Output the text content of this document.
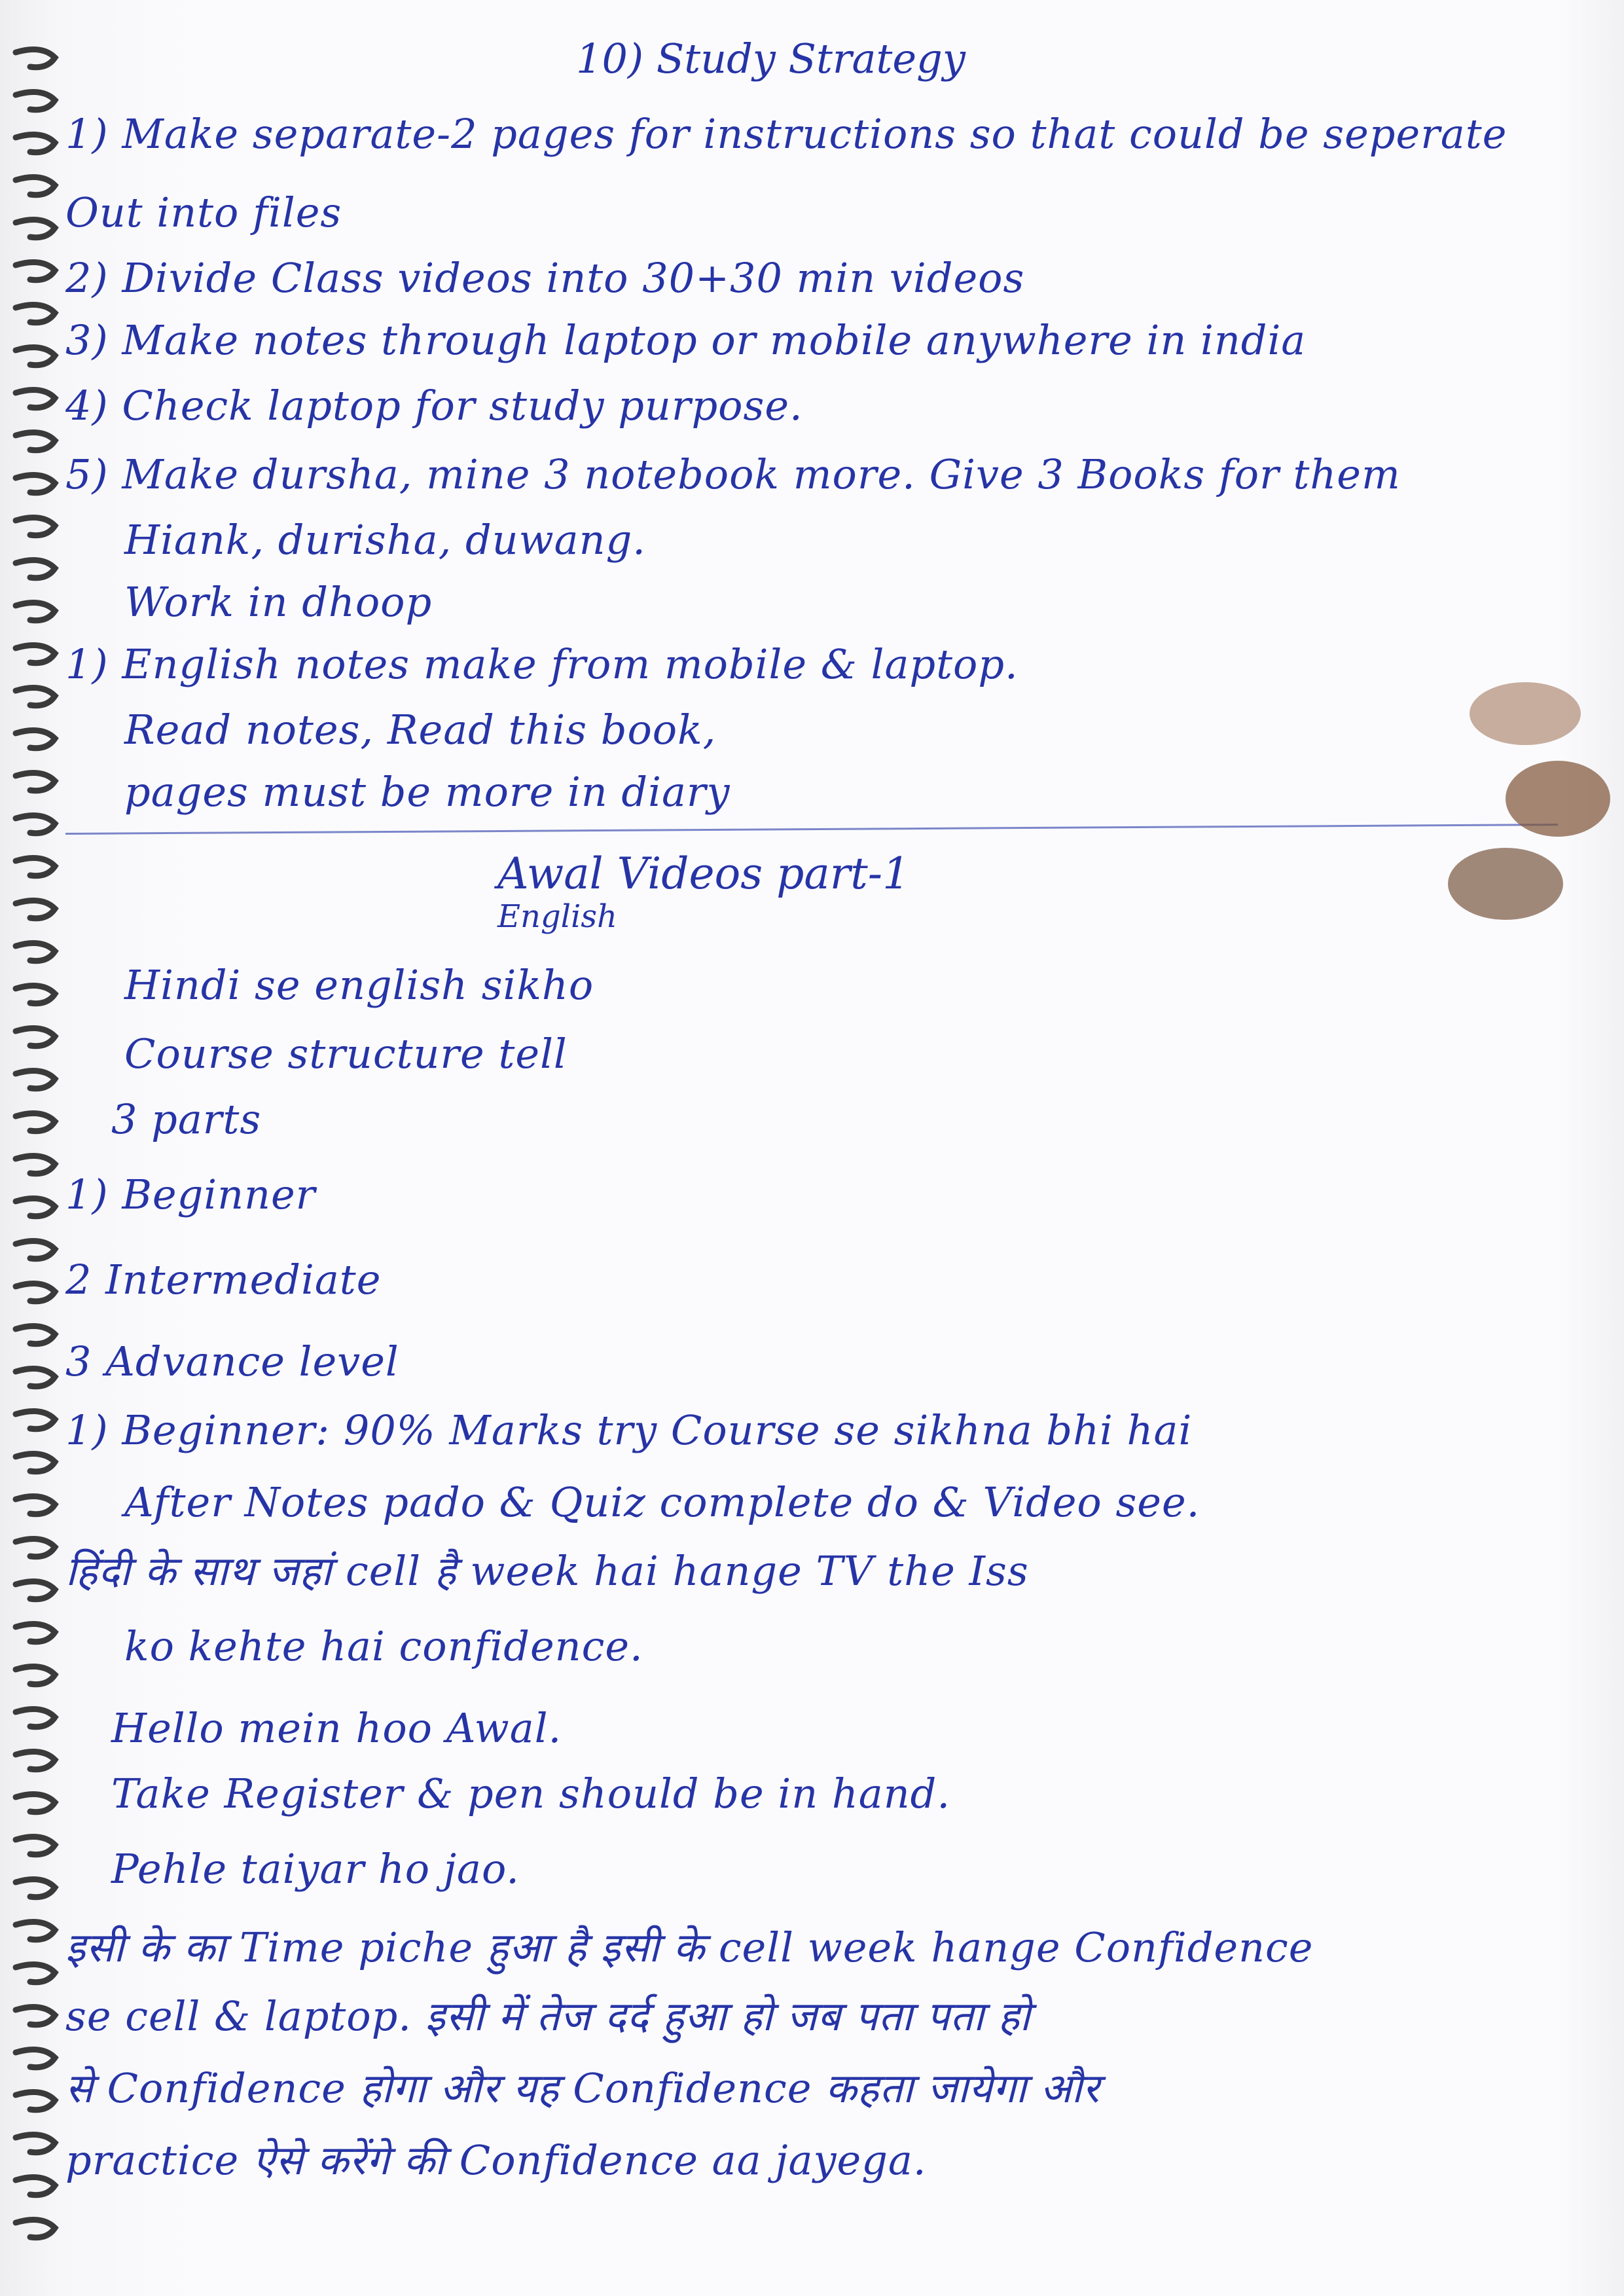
10) Study Strategy
1) Make separate-2 pages for instructions so that could be seperate
Out into files
2) Divide Class videos into 30+30 min videos
3) Make notes through laptop or mobile anywhere in india
4) Check laptop for study purpose.
5) Make dursha, mine 3 notebook more. Give 3 Books for them
Hiank, durisha, duwang.
Work in dhoop
1) English notes make from mobile & laptop.
Read notes, Read this book,
pages must be more in diary
Awal Videos part-1
English
Hindi se english sikho
Course structure tell
3 parts
1) Beginner
2 Intermediate
3 Advance level
1) Beginner: 90% Marks try Course se sikhna bhi hai
After Notes pado & Quiz complete do & Video see.
हिंदी के साथ जहां cell है week hai hange TV the Iss
ko kehte hai confidence.
Hello mein hoo Awal.
Take Register & pen should be in hand.
Pehle taiyar ho jao.
इसी के का Time piche हुआ है इसी के cell week hange Confidence
se cell & laptop. इसी में तेज दर्द हुआ हो जब पता पता हो
से Confidence होगा और यह Confidence कहता जायेगा और
practice ऐसे करेंगे की Confidence aa jayega.
